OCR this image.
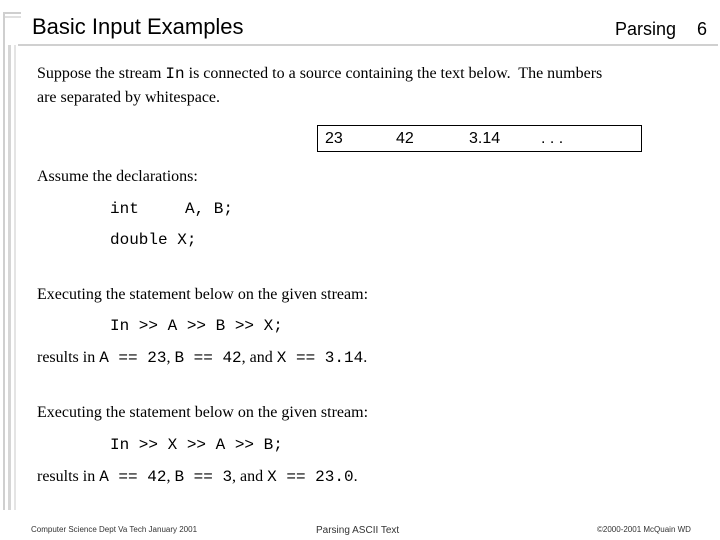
Basic Input Examples	Parsing 6
Suppose the stream In is connected to a source containing the text below.  The numbers
are separated by whitespace.
23	42	3.14	. . .
Assume the declarations:
int	A, B;
double X;
Executing the statement below on the given stream:
In >> A >> B >> X;
results in A == 23, B == 42, and X == 3.14.
Executing the statement below on the given stream:
In >> X >> A >> B;
results in A == 42, B == 3, and X == 23.0.
Computer Science Dept Va Tech January 2001	Parsing ASCII Text	©2000-2001 McQuain WD
